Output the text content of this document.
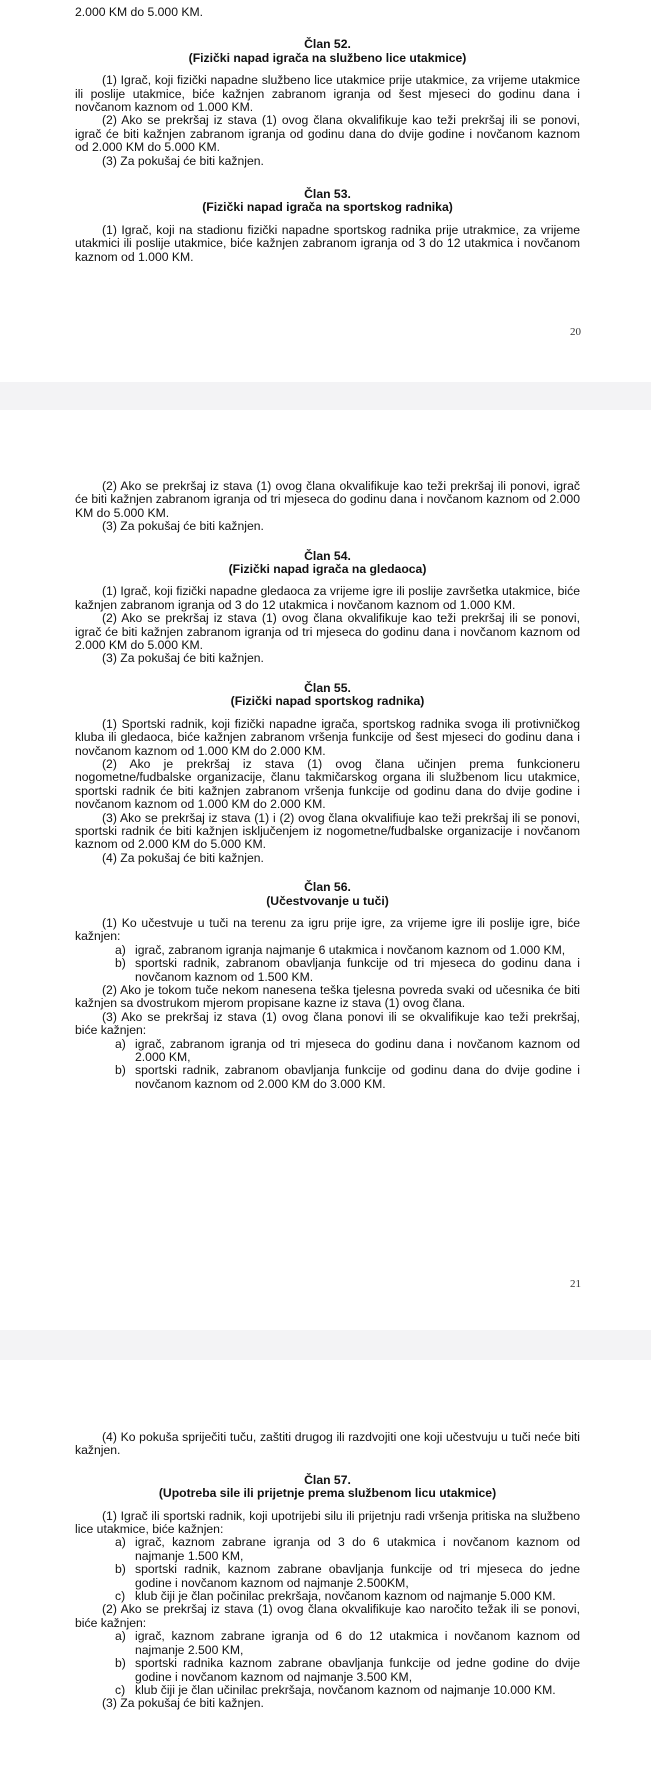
2.000 KM do 5.000 KM.

Član 52.
(Fizički napad igrača na službeno lice utakmice)

(1) Igrač, koji fizički napadne službeno lice utakmice prije utakmice, za vrijeme utakmice ili poslije utakmice, biće kažnjen zabranom igranja od šest mjeseci do godinu dana i novčanom kaznom od 1.000 KM.

(2) Ako se prekršaj iz stava (1) ovog člana okvalifikuje kao teži prekršaj ili se ponovi, igrač će biti kažnjen zabranom igranja od godinu dana do dvije godine i novčanom kaznom od 2.000 KM do 5.000 KM.

(3) Za pokušaj će biti kažnjen.

Član 53.
(Fizički napad igrača na sportskog radnika)

(1) Igrač, koji na stadionu fizički napadne sportskog radnika prije utrakmice, za vrijeme utakmici ili poslije utakmice, biće kažnjen zabranom igranja od 3 do 12 utakmica i novčanom kaznom od 1.000 KM.

20

(2) Ako se prekršaj iz stava (1) ovog člana okvalifikuje kao teži prekršaj ili ponovi, igrač će biti kažnjen zabranom igranja od tri mjeseca do godinu dana i novčanom kaznom od 2.000 KM do 5.000 KM.

(3) Za pokušaj će biti kažnjen.

Član 54.
(Fizički napad igrača na gledaoca)

(1) Igrač, koji fizički napadne gledaoca za vrijeme igre ili poslije završetka utakmice, biće kažnjen zabranom igranja od 3 do 12 utakmica i novčanom kaznom od 1.000 KM.

(2) Ako se prekršaj iz stava (1) ovog člana okvalifikuje kao teži prekršaj ili se ponovi, igrač će biti kažnjen zabranom igranja od tri mjeseca do godinu dana i novčanom kaznom od 2.000 KM do 5.000 KM.

(3) Za pokušaj će biti kažnjen.

Član 55.
(Fizički napad sportskog radnika)

(1) Sportski radnik, koji fizički napadne igrača, sportskog radnika svoga ili protivničkog kluba ili gledaoca, biće kažnjen zabranom vršenja funkcije od šest mjeseci do godinu dana i novčanom kaznom od 1.000 KM do 2.000 KM.

(2) Ako je prekršaj iz stava (1) ovog člana učinjen prema funkcioneru nogometne/fudbalske organizacije, članu takmičarskog organa ili službenom licu utakmice, sportski radnik će biti kažnjen zabranom vršenja funkcije od godinu dana do dvije godine i novčanom kaznom od 1.000 KM do 2.000 KM.

(3) Ako se prekršaj iz stava (1) i (2) ovog člana okvalifiuje kao teži prekršaj ili se ponovi, sportski radnik će biti kažnjen isključenjem iz nogometne/fudbalske organizacije i novčanom kaznom od 2.000 KM do 5.000 KM.

(4) Za pokušaj će biti kažnjen.

Član 56.
(Učestvovanje u tuči)

(1) Ko učestvuje u tuči na terenu za igru prije igre, za vrijeme igre ili poslije igre, biće kažnjen:

a) igrač, zabranom igranja najmanje 6 utakmica i novčanom kaznom od 1.000 KM,
b) sportski radnik, zabranom obavljanja funkcije od tri mjeseca do godinu dana i novčanom kaznom od 1.500 KM.

(2) Ako je tokom tuče nekom nanesena teška tjelesna povreda svaki od učesnika će biti kažnjen sa dvostrukom mjerom propisane kazne iz stava (1) ovog člana.

(3) Ako se prekršaj iz stava (1) ovog člana ponovi ili se okvalifikuje kao teži prekršaj, biće kažnjen:

a) igrač, zabranom igranja od tri mjeseca do godinu dana i novčanom kaznom od 2.000 KM,
b) sportski radnik, zabranom obavljanja funkcije od godinu dana do dvije godine i novčanom kaznom od 2.000 KM do 3.000 KM.
21

(4) Ko pokuša spriječiti tuču, zaštiti drugog ili razdvojiti one koji učestvuju u tuči neće biti kažnjen.

Član 57.
(Upotreba sile ili prijetnje prema službenom licu utakmice)

(1) Igrač ili sportski radnik, koji upotrijebi silu ili prijetnju radi vršenja pritiska na službeno lice utakmice, biće kažnjen:

a) igrač, kaznom zabrane igranja od 3 do 6 utakmica i novčanom kaznom od najmanje 1.500 KM,
b) sportski radnik, kaznom zabrane obavljanja funkcije od tri mjeseca do jedne godine i novčanom kaznom od najmanje 2.500KM,
c) klub čiji je član počinilac prekršaja, novčanom kaznom od najmanje 5.000 KM.

(2) Ako se prekršaj iz stava (1) ovog člana okvalifikuje kao naročito težak ili se ponovi, biće kažnjen:

a) igrač, kaznom zabrane igranja od 6 do 12 utakmica i novčanom kaznom od najmanje 2.500 KM,
b) sportski radnika kaznom zabrane obavljanja funkcije od jedne godine do dvije godine i novčanom kaznom od najmanje 3.500 KM,
c) klub čiji je član učinilac prekršaja, novčanom kaznom od najmanje 10.000 KM.

(3) Za pokušaj će biti kažnjen.
